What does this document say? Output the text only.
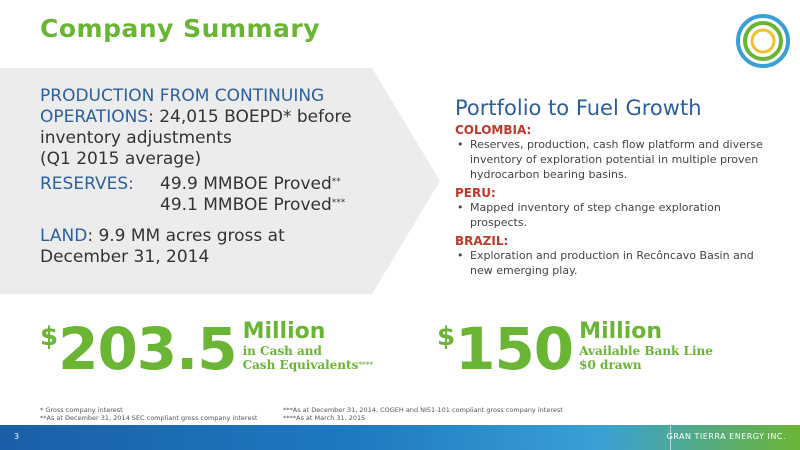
Company Summary
PRODUCTION FROM CONTINUING
OPERATIONS: 24,015 BOEPD* before
inventory adjustments
(Q1 2015 average)
RESERVES:	49.9 MMBOE Proved**
49.1 MMBOE Proved***
LAND: 9.9 MM acres gross at
December 31, 2014
Portfolio to Fuel Growth
COLOMBIA:
• Reserves, production, cash flow platform and diverse inventory of exploration potential in multiple proven hydrocarbon bearing basins.
PERU:
• Mapped inventory of step change exploration prospects.
BRAZIL:
• Exploration and production in Recôncavo Basin and new emerging play.
$ 203.5 Million
in Cash and
Cash Equivalents****
$ 150 Million
Available Bank Line
$0 drawn
* Gross company interest
**As at December 31, 2014 SEC compliant gross company interest
***As at December 31, 2014, COGEH and NI51-101 compliant gross company interest
****As at March 31, 2015
3	GRAN TIERRA ENERGY INC.
